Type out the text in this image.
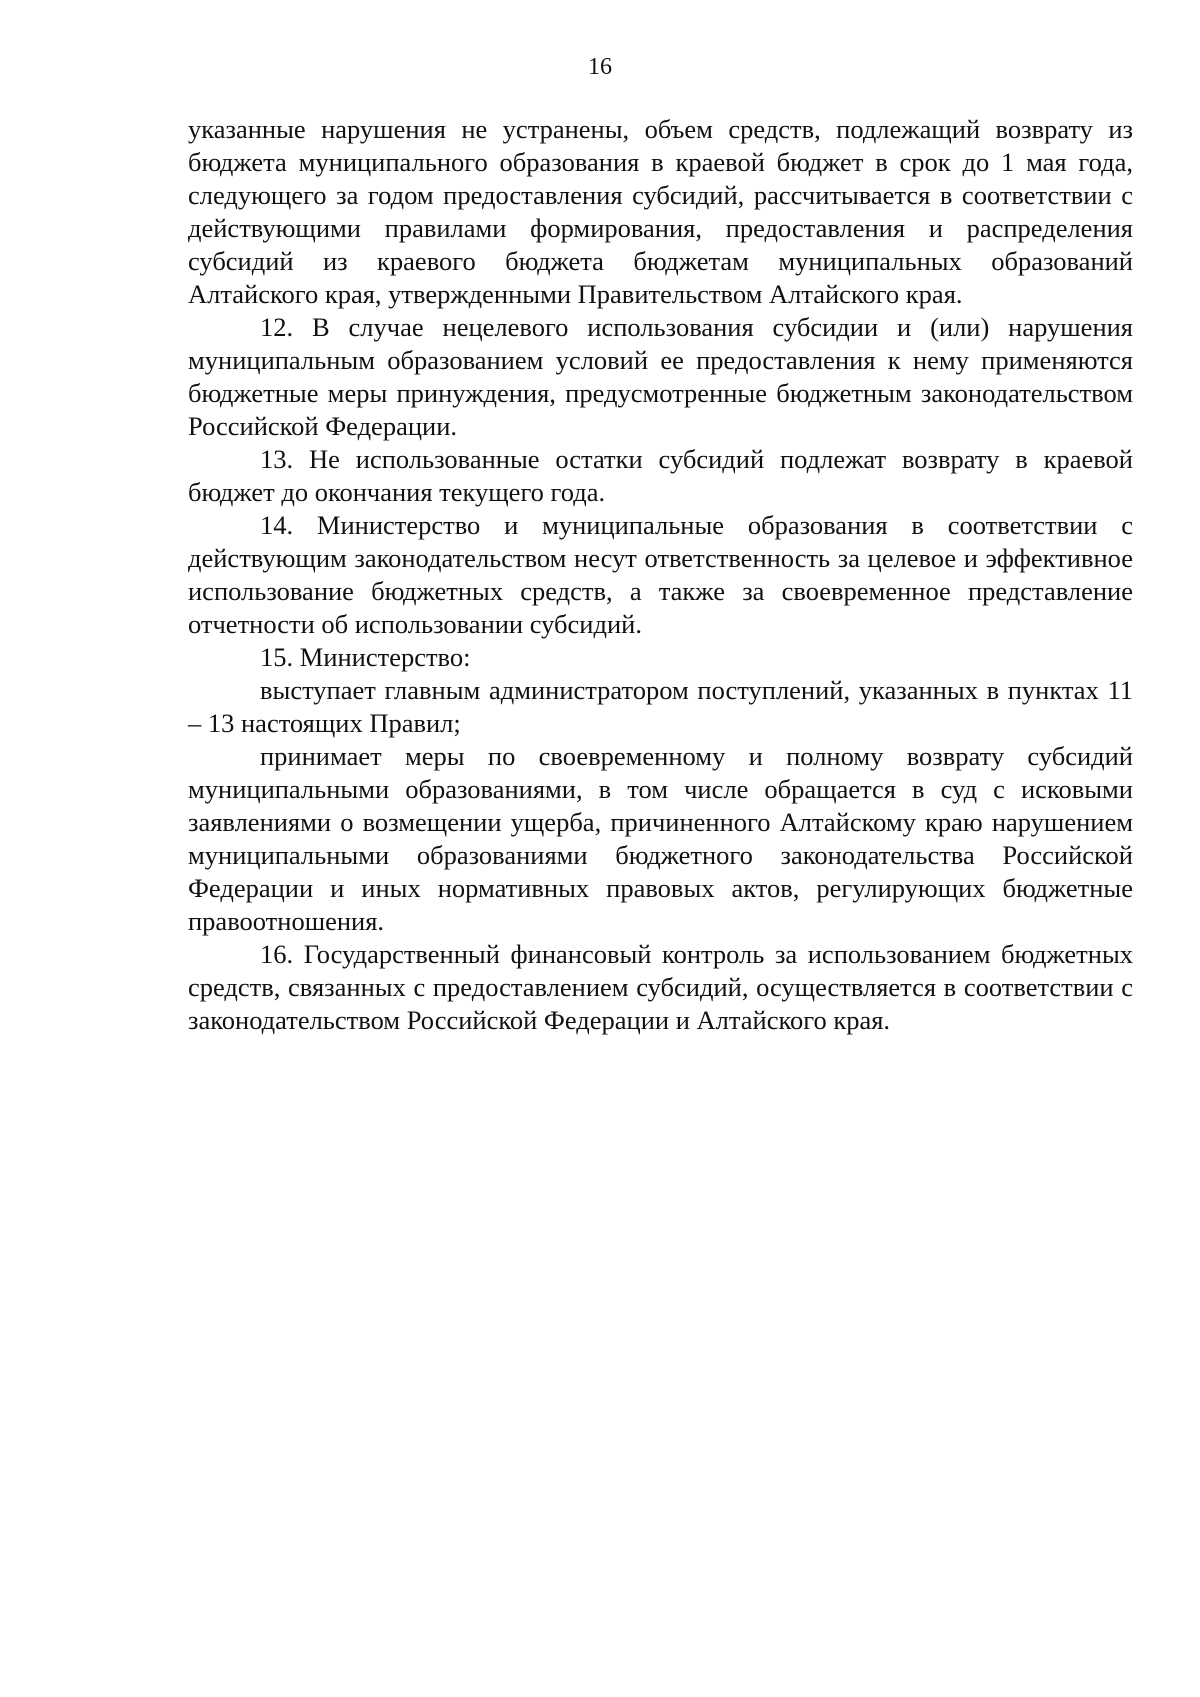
16

указанные нарушения не устранены, объем средств, подлежащий возврату из бюджета муниципального образования в краевой бюджет в срок до 1 мая года, следующего за годом предоставления субсидий, рассчитывается в соответствии с действующими правилами формирования, предоставления и распределения субсидий из краевого бюджета бюджетам муниципальных образований Алтайского края, утвержденными Правительством Алтайского края.

12. В случае нецелевого использования субсидии и (или) нарушения муниципальным образованием условий ее предоставления к нему применяются бюджетные меры принуждения, предусмотренные бюджетным законодательством Российской Федерации.

13. Не использованные остатки субсидий подлежат возврату в краевой бюджет до окончания текущего года.

14. Министерство и муниципальные образования в соответствии с действующим законодательством несут ответственность за целевое и эффективное использование бюджетных средств, а также за своевременное представление отчетности об использовании субсидий.

15. Министерство:

выступает главным администратором поступлений, указанных в пунктах 11 – 13 настоящих Правил;

принимает меры по своевременному и полному возврату субсидий муниципальными образованиями, в том числе обращается в суд с исковыми заявлениями о возмещении ущерба, причиненного Алтайскому краю нарушением муниципальными образованиями бюджетного законодательства Российской Федерации и иных нормативных правовых актов, регулирующих бюджетные правоотношения.

16. Государственный финансовый контроль за использованием бюджетных средств, связанных с предоставлением субсидий, осуществляется в соответствии с законодательством Российской Федерации и Алтайского края.
